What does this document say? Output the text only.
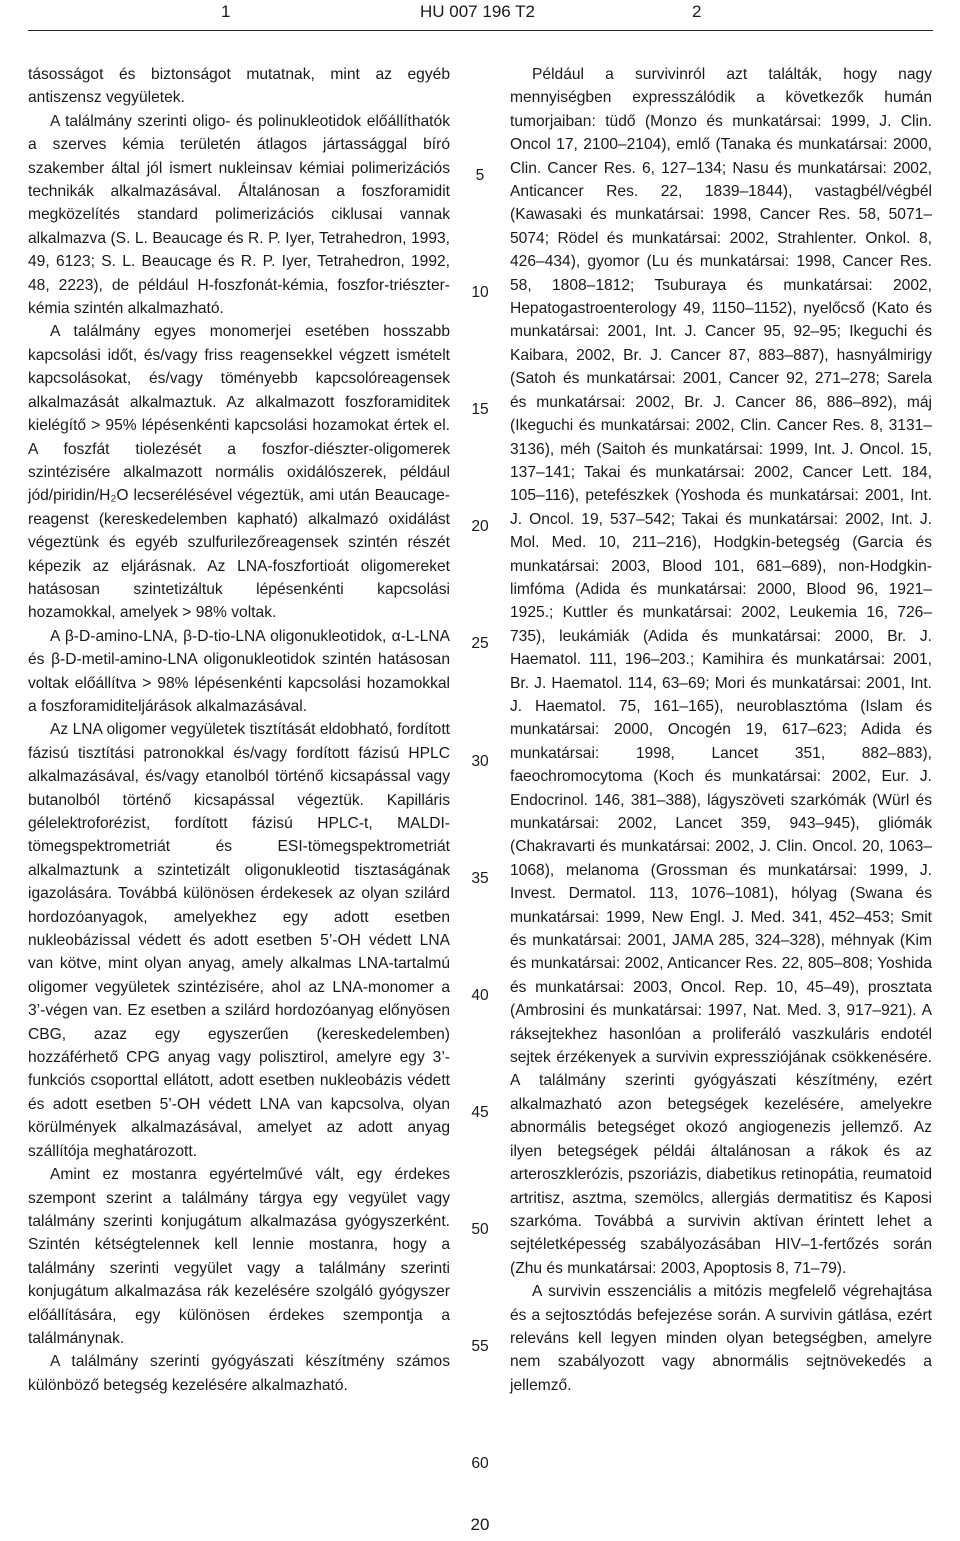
1	HU 007 196 T2	2

tásosságot és biztonságot mutatnak, mint az egyéb antiszensz vegyületek.

A találmány szerinti oligo- és polinukleotidok előállíthatók a szerves kémia területén átlagos jártassággal bíró szakember által jól ismert nukleinsav kémiai polimerizációs technikák alkalmazásával. Általánosan a foszforamidit megközelítés standard polimerizációs ciklusai vannak alkalmazva (S. L. Beaucage és R. P. Iyer, Tetrahedron, 1993, 49, 6123; S. L. Beaucage és R. P. Iyer, Tetrahedron, 1992, 48, 2223), de például H-foszfonát-kémia, foszfor-triészter-kémia szintén alkalmazható.

A találmány egyes monomerjei esetében hosszabb kapcsolási időt, és/vagy friss reagensekkel végzett ismételt kapcsolásokat, és/vagy töményebb kapcsolóreagensek alkalmazását alkalmaztuk. Az alkalmazott foszforamiditek kielégítő > 95% lépésenkénti kapcsolási hozamokat értek el. A foszfát tiolezését a foszfor-diészter-oligomerek szintézisére alkalmazott normális oxidálószerek, például jód/piridin/H₂O lecserélésével végeztük, ami után Beaucage-reagenst (kereskedelemben kapható) alkalmazó oxidálást végeztünk és egyéb szulfurilezőreagensek szintén részét képezik az eljárásnak. Az LNA-foszfortioát oligomereket hatásosan szintetizáltuk lépésenkénti kapcsolási hozamokkal, amelyek > 98% voltak.

A β-D-amino-LNA, β-D-tio-LNA oligonukleotidok, α-L-LNA és β-D-metil-amino-LNA oligonukleotidok szintén hatásosan voltak előállítva > 98% lépésenkénti kapcsolási hozamokkal a foszforamiditeljárások alkalmazásával.

Az LNA oligomer vegyületek tisztítását eldobható, fordított fázisú tisztítási patronokkal és/vagy fordított fázisú HPLC alkalmazásával, és/vagy etanolból történő kicsapással vagy butanolból történő kicsapással végeztük. Kapilláris gélelektroforézist, fordított fázisú HPLC-t, MALDI-tömegspektrometriát és ESI-tömegspektrometriát alkalmaztunk a szintetizált oligonukleotid tisztaságának igazolására. Továbbá különösen érdekesek az olyan szilárd hordozóanyagok, amelyekhez egy adott esetben nukleobázissal védett és adott esetben 5’-OH védett LNA van kötve, mint olyan anyag, amely alkalmas LNA-tartalmú oligomer vegyületek szintézisére, ahol az LNA-monomer a 3’-végen van. Ez esetben a szilárd hordozóanyag előnyösen CBG, azaz egy egyszerűen (kereskedelemben) hozzáférhető CPG anyag vagy polisztirol, amelyre egy 3’-funkciós csoporttal ellátott, adott esetben nukleobázis védett és adott esetben 5’-OH védett LNA van kapcsolva, olyan körülmények alkalmazásával, amelyet az adott anyag szállítója meghatározott.

Amint ez mostanra egyértelművé vált, egy érdekes szempont szerint a találmány tárgya egy vegyület vagy találmány szerinti konjugátum alkalmazása gyógyszerként. Szintén kétségtelennek kell lennie mostanra, hogy a találmány szerinti vegyület vagy a találmány szerinti konjugátum alkalmazása rák kezelésére szolgáló gyógyszer előállítására, egy különösen érdekes szempontja a találmánynak.

A találmány szerinti gyógyászati készítmény számos különböző betegség kezelésére alkalmazható.

Például a survivinról azt találták, hogy nagy mennyiségben expresszálódik a következők humán tumorjaiban: tüdő (Monzo és munkatársai: 1999, J. Clin. Oncol 17, 2100–2104), emlő (Tanaka és munkatársai: 2000, Clin. Cancer Res. 6, 127–134; Nasu és munkatársai: 2002, Anticancer Res. 22, 1839–1844), vastagbél/végbél (Kawasaki és munkatársai: 1998, Cancer Res. 58, 5071–5074; Rödel és munkatársai: 2002, Strahlenter. Onkol. 8, 426–434), gyomor (Lu és munkatársai: 1998, Cancer Res. 58, 1808–1812; Tsuburaya és munkatársai: 2002, Hepatogastroenterology 49, 1150–1152), nyelőcső (Kato és munkatársai: 2001, Int. J. Cancer 95, 92–95; Ikeguchi és Kaibara, 2002, Br. J. Cancer 87, 883–887), hasnyálmirigy (Satoh és munkatársai: 2001, Cancer 92, 271–278; Sarela és munkatársai: 2002, Br. J. Cancer 86, 886–892), máj (Ikeguchi és munkatársai: 2002, Clin. Cancer Res. 8, 3131–3136), méh (Saitoh és munkatársai: 1999, Int. J. Oncol. 15, 137–141; Takai és munkatársai: 2002, Cancer Lett. 184, 105–116), petefészkek (Yoshoda és munkatársai: 2001, Int. J. Oncol. 19, 537–542; Takai és munkatársai: 2002, Int. J. Mol. Med. 10, 211–216), Hodgkin-betegség (Garcia és munkatársai: 2003, Blood 101, 681–689), non-Hodgkin-limfóma (Adida és munkatársai: 2000, Blood 96, 1921–1925.; Kuttler és munkatársai: 2002, Leukemia 16, 726–735), leukámiák (Adida és munkatársai: 2000, Br. J. Haematol. 111, 196–203.; Kamihira és munkatársai: 2001, Br. J. Haematol. 114, 63–69; Mori és munkatársai: 2001, Int. J. Haematol. 75, 161–165), neuroblasztóma (Islam és munkatársai: 2000, Oncogén 19, 617–623; Adida és munkatársai: 1998, Lancet 351, 882–883), faeochromocytoma (Koch és munkatársai: 2002, Eur. J. Endocrinol. 146, 381–388), lágyszöveti szarkómák (Würl és munkatársai: 2002, Lancet 359, 943–945), gliómák (Chakravarti és munkatársai: 2002, J. Clin. Oncol. 20, 1063–1068), melanoma (Grossman és munkatársai: 1999, J. Invest. Dermatol. 113, 1076–1081), hólyag (Swana és munkatársai: 1999, New Engl. J. Med. 341, 452–453; Smit és munkatársai: 2001, JAMA 285, 324–328), méhnyak (Kim és munkatársai: 2002, Anticancer Res. 22, 805–808; Yoshida és munkatársai: 2003, Oncol. Rep. 10, 45–49), prosztata (Ambrosini és munkatársai: 1997, Nat. Med. 3, 917–921). A ráksejtekhez hasonlóan a proliferáló vaszkuláris endotél sejtek érzékenyek a survivin expressziójának csökkenésére. A találmány szerinti gyógyászati készítmény, ezért alkalmazható azon betegségek kezelésére, amelyekre abnormális betegséget okozó angiogenezis jellemző. Az ilyen betegségek példái általánosan a rákok és az arteroszklerózis, pszoriázis, diabetikus retinopátia, reumatoid artritisz, asztma, szemölcs, allergiás dermatitisz és Kaposi szarkóma. Továbbá a survivin aktívan érintett lehet a sejtéletképesség szabályozásában HIV–1-fertőzés során (Zhu és munkatársai: 2003, Apoptosis 8, 71–79).

A survivin esszenciális a mitózis megfelelő végrehajtása és a sejtosztódás befejezése során. A survivin gátlása, ezért releváns kell legyen minden olyan betegségben, amelyre nem szabályozott vagy abnormális sejtnövekedés a jellemző.

5
10
15
20
25
30
35
40
45
50
55
60
20
